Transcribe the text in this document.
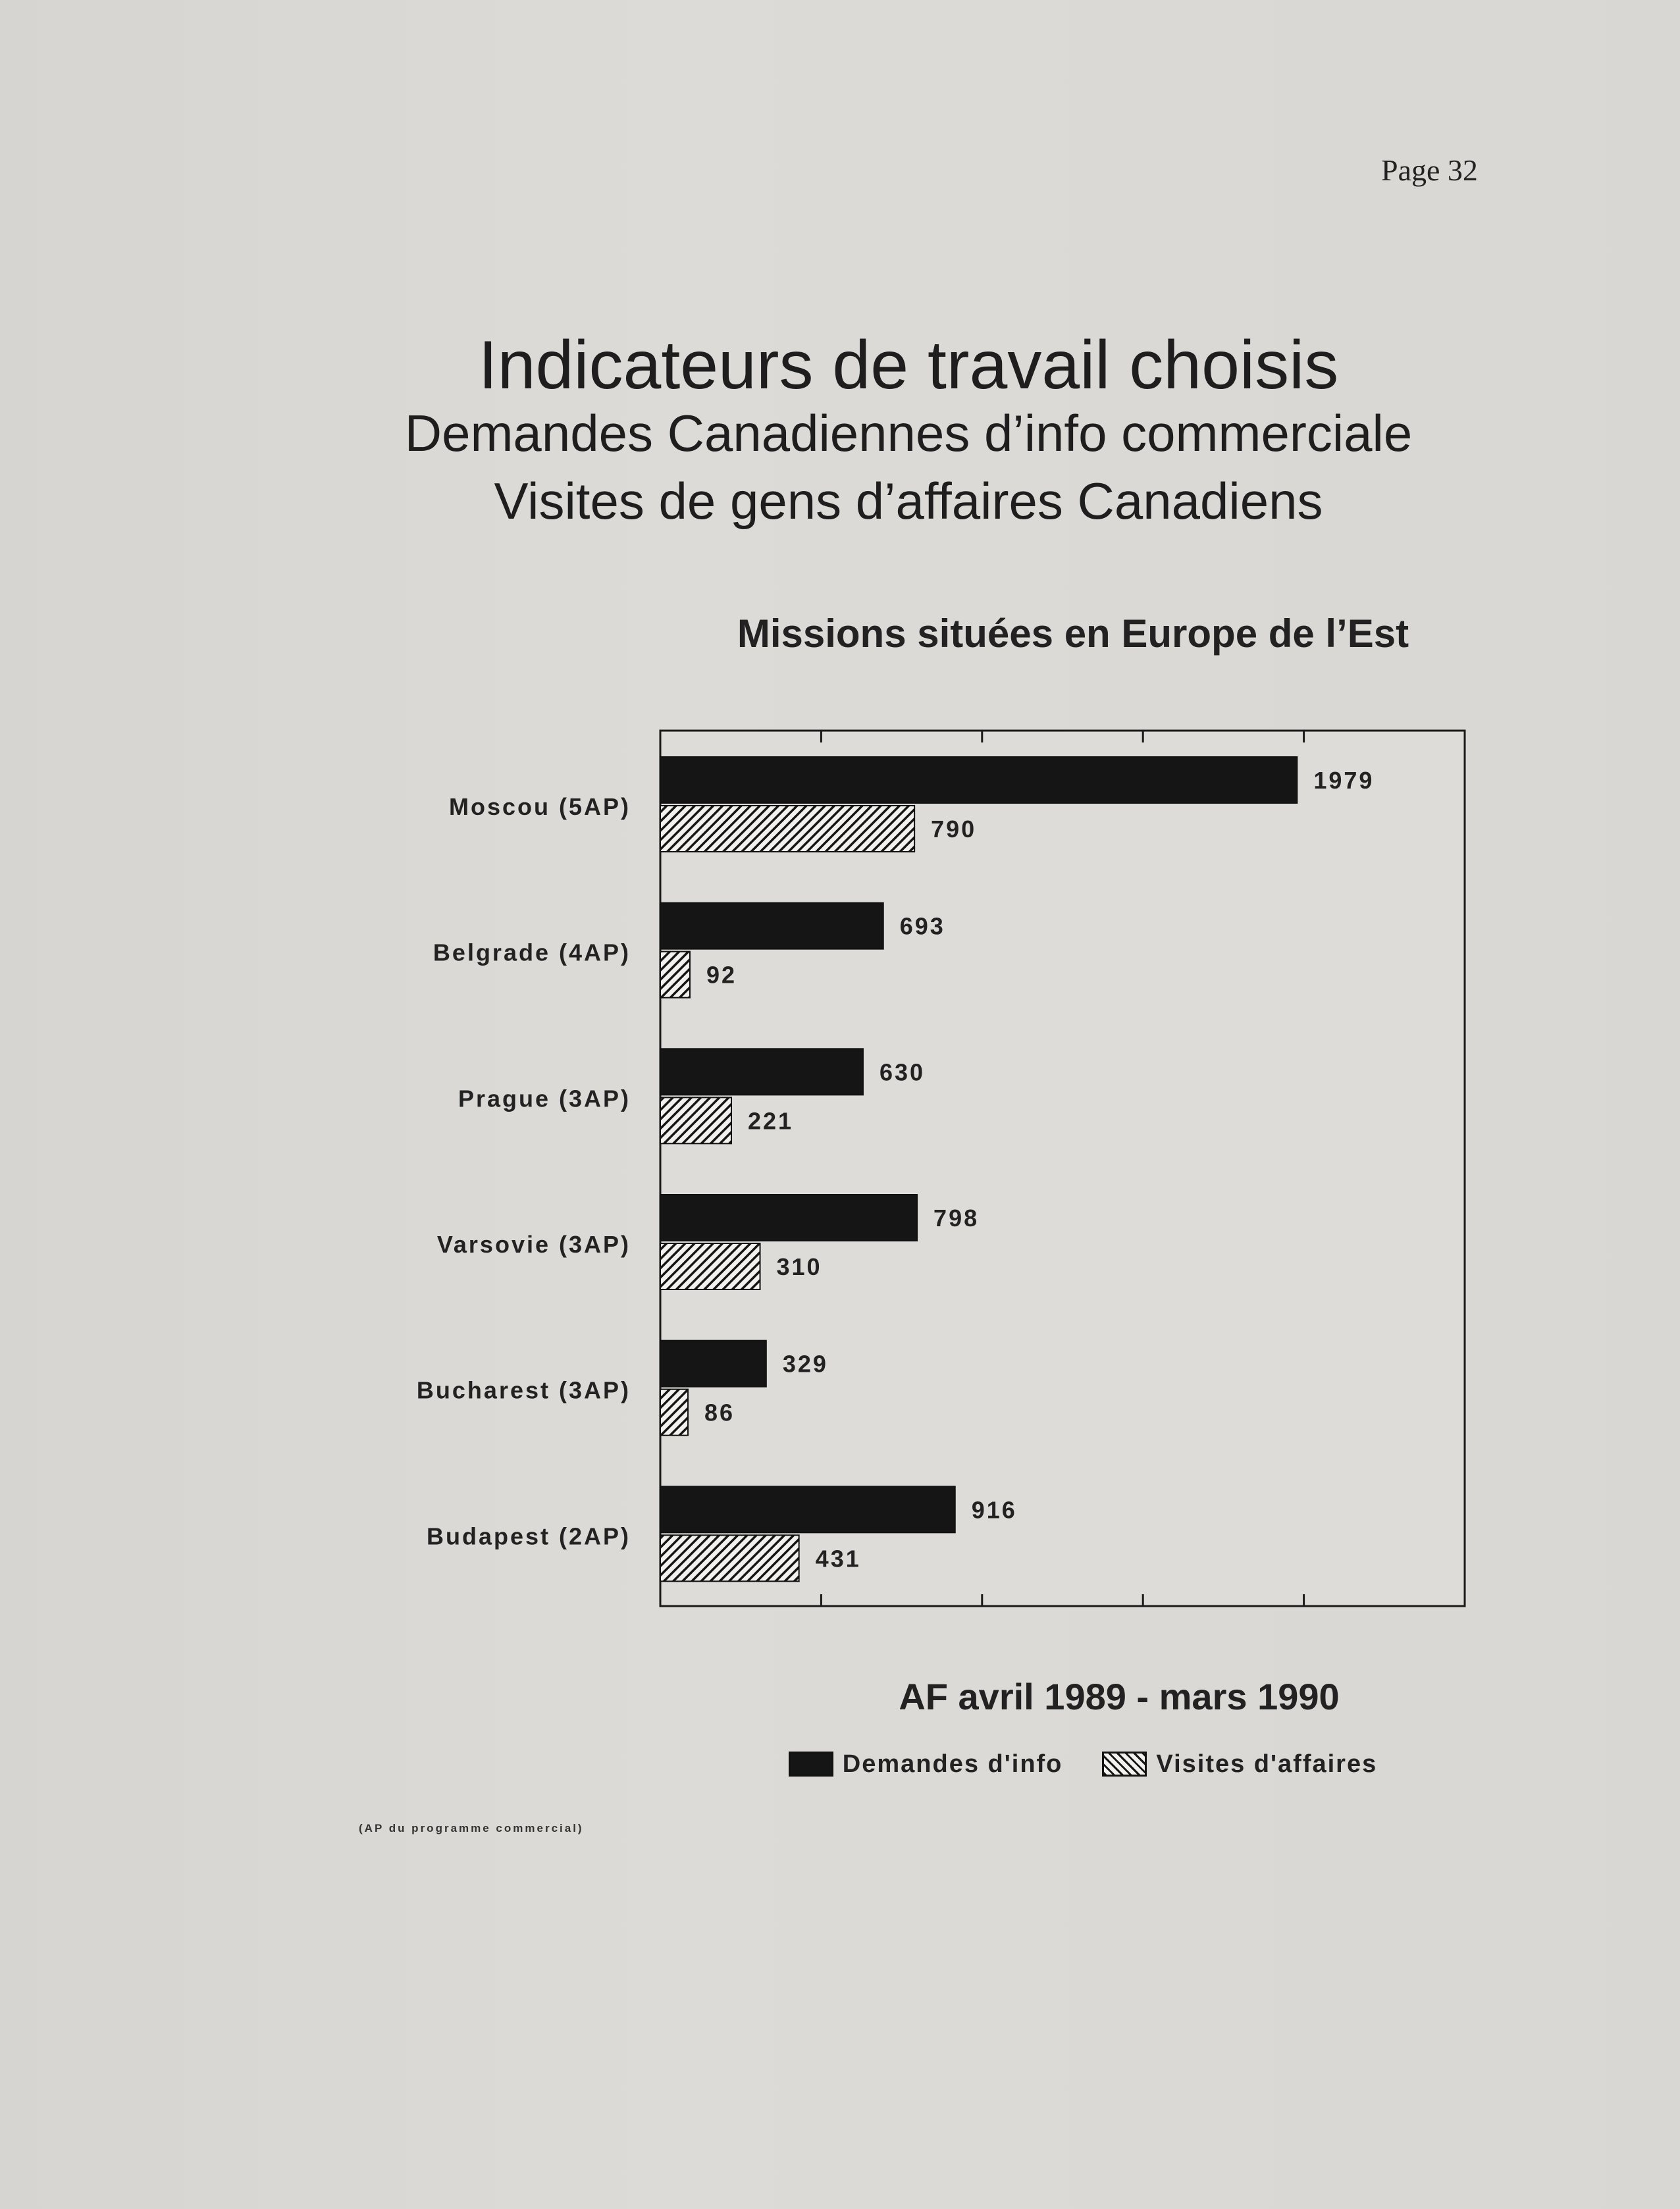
Page 32
Indicateurs de travail choisis
Demandes Canadiennes d’info commerciale
Visites de gens d’affaires Canadiens
Missions situées en Europe de l’Est
1979
790
Moscou (5AP)
693
92
Belgrade (4AP)
630
221
Prague (3AP)
798
310
Varsovie (3AP)
329
86
Bucharest (3AP)
916
431
Budapest (2AP)
AF avril 1989 - mars 1990
Demandes d'info	Visites d'affaires
(AP du programme commercial)
